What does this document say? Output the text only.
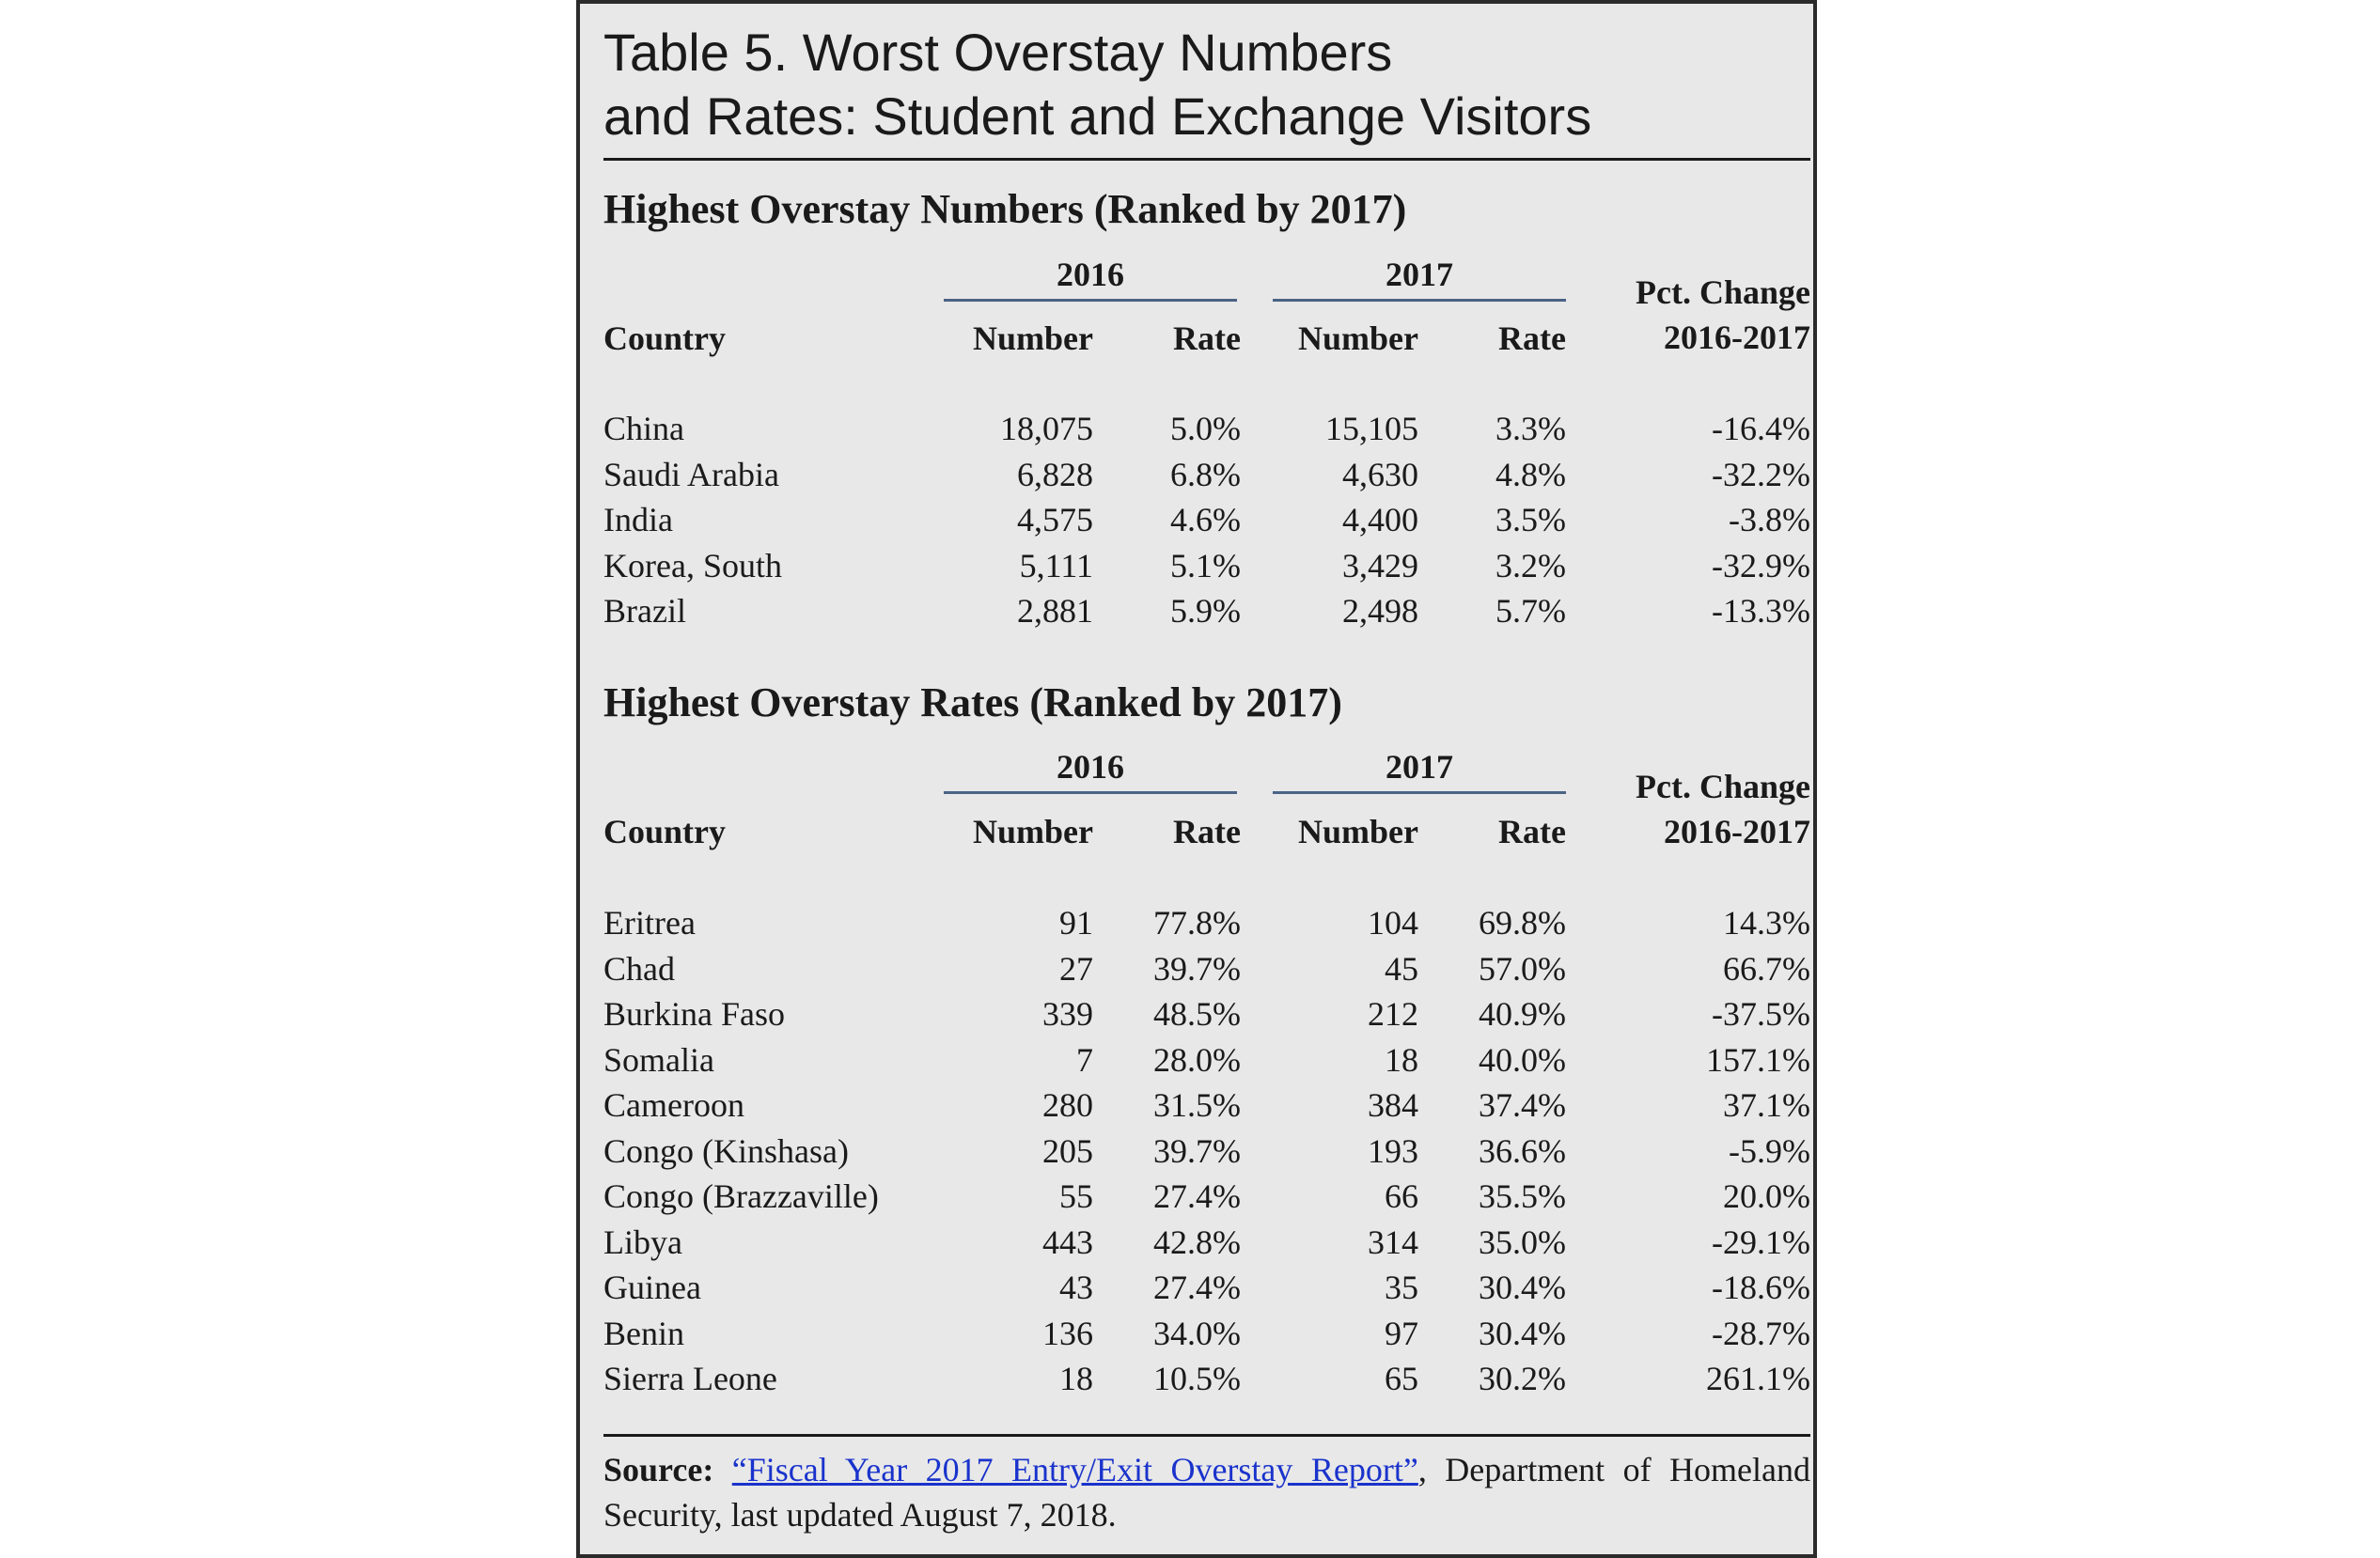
Table 5. Worst Overstay Numbers
and Rates: Student and Exchange Visitors
Highest Overstay Numbers (Ranked by 2017)
2016	2017
Country	Number Rate Number Rate
Pct. Change
2016-2017
China	18,075 5.0%	15,105 3.3%	-16.4%
Saudi Arabia	6,828 6.8%	4,630 4.8%	-32.2%
India	4,575 4.6%	4,400 3.5%	-3.8%
Korea, South	5,111 5.1%	3,429 3.2%	-32.9%
Brazil	2,881 5.9%	2,498 5.7%	-13.3%
Highest Overstay Rates (Ranked by 2017)
2016	2017
Country	Number Rate Number Rate
Pct. Change
2016-2017
Eritrea	91 77.8%	104 69.8%	14.3%
Chad	27 39.7%	45 57.0%	66.7%
Burkina Faso	339 48.5%	212 40.9%	-37.5%
Somalia	7 28.0%	18 40.0%	157.1%
Cameroon	280 31.5%	384 37.4%	37.1%
Congo (Kinshasa)	205 39.7%	193 36.6%	-5.9%
Congo (Brazzaville)	55 27.4%	66 35.5%	20.0%
Libya	443 42.8%	314 35.0%	-29.1%
Guinea	43 27.4%	35 30.4%	-18.6%
Benin	136 34.0%	97 30.4%	-28.7%
Sierra Leone	18 10.5%	65 30.2%	261.1%
Source: “Fiscal Year 2017 Entry/Exit Overstay Report”, Department of Homeland Security, last updated August 7, 2018.
